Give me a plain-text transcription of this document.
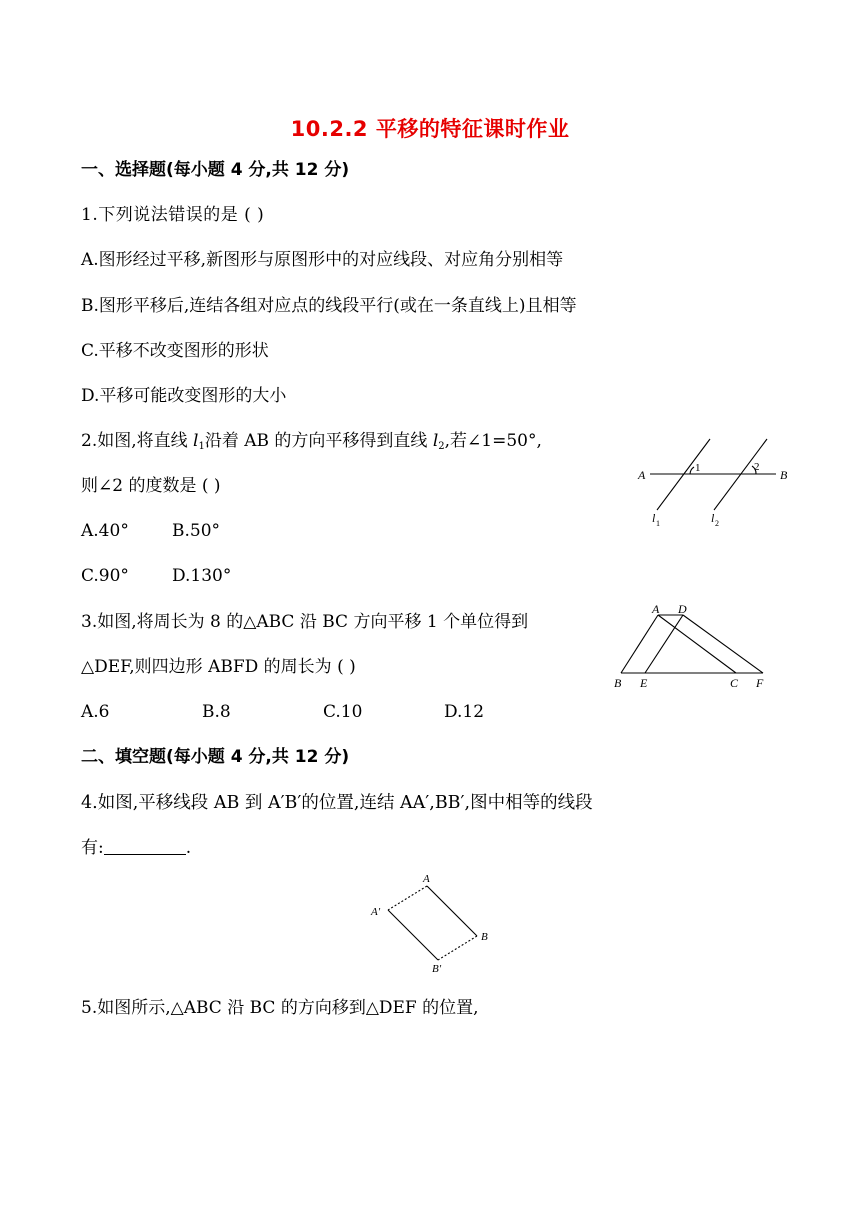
10.2.2 平移的特征课时作业
一、选择题(每小题 4 分,共 12 分)
1.下列说法错误的是 ( )
A.图形经过平移,新图形与原图形中的对应线段、对应角分别相等
B.图形平移后,连结各组对应点的线段平行(或在一条直线上)且相等
C.平移不改变图形的形状
D.平移可能改变图形的大小
2.如图,将直线 $l_1$沿着 AB 的方向平移得到直线 $l_2$,若∠1=50°,
则∠2 的度数是 ( )
A.40°	B.50°
C.90°	D.130°
A	B
1	2
l 1	l 2
3.如图,将周长为 8 的△ABC 沿 BC 方向平移 1 个单位得到
△DEF,则四边形 ABFD 的周长为 ( )
A.6	B.8	C.10	D.12
A D
B E	C F
二、填空题(每小题 4 分,共 12 分)
4.如图,平移线段 AB 到 A′B′的位置,连结 AA′,BB′,图中相等的线段
有:	.
A
A′
B
B′
5.如图所示,△ABC 沿 BC 的方向移到△DEF 的位置,
